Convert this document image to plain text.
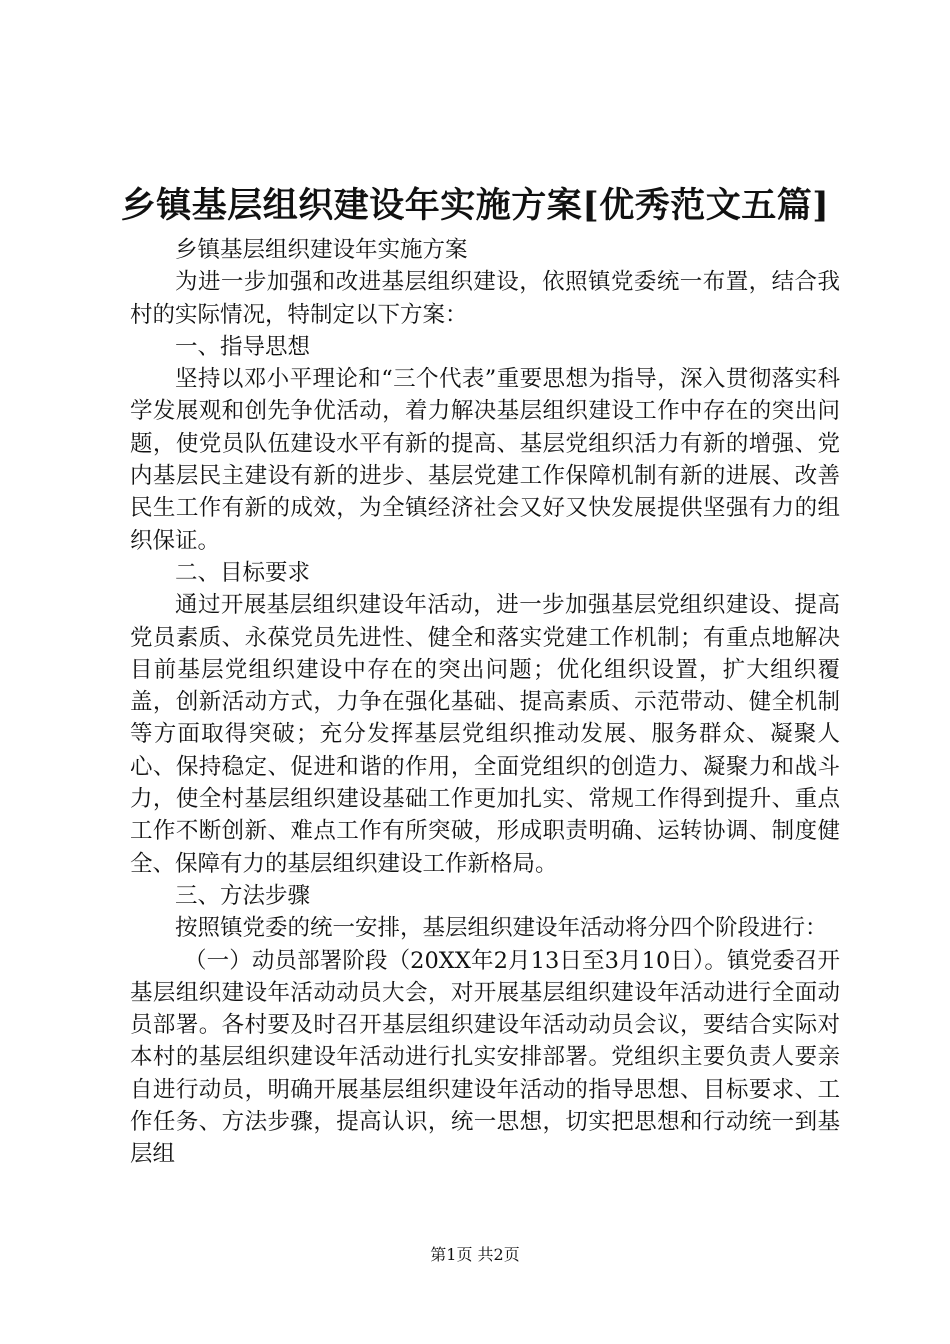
乡镇基层组织建设年实施方案[优秀范文五篇]

乡镇基层组织建设年实施方案

为进一步加强和改进基层组织建设，依照镇党委统一布置，结合我村的实际情况，特制定以下方案：

一、指导思想

坚持以邓小平理论和“三个代表”重要思想为指导，深入贯彻落实科学发展观和创先争优活动，着力解决基层组织建设工作中存在的突出问题，使党员队伍建设水平有新的提高、基层党组织活力有新的增强、党内基层民主建设有新的进步、基层党建工作保障机制有新的进展、改善民生工作有新的成效，为全镇经济社会又好又快发展提供坚强有力的组织保证。

二、目标要求

通过开展基层组织建设年活动，进一步加强基层党组织建设、提高党员素质、永葆党员先进性、健全和落实党建工作机制；有重点地解决目前基层党组织建设中存在的突出问题；优化组织设置，扩大组织覆盖，创新活动方式，力争在强化基础、提高素质、示范带动、健全机制等方面取得突破；充分发挥基层党组织推动发展、服务群众、凝聚人心、保持稳定、促进和谐的作用，全面党组织的创造力、凝聚力和战斗力，使全村基层组织建设基础工作更加扎实、常规工作得到提升、重点工作不断创新、难点工作有所突破，形成职责明确、运转协调、制度健全、保障有力的基层组织建设工作新格局。

三、方法步骤

按照镇党委的统一安排，基层组织建设年活动将分四个阶段进行：

（一）动员部署阶段（20XX年2月13日至3月10日）。镇党委召开基层组织建设年活动动员大会，对开展基层组织建设年活动进行全面动员部署。各村要及时召开基层组织建设年活动动员会议，要结合实际对本村的基层组织建设年活动进行扎实安排部署。党组织主要负责人要亲自进行动员，明确开展基层组织建设年活动的指导思想、目标要求、工作任务、方法步骤，提高认识，统一思想，切实把思想和行动统一到基层组

第1页 共2页
